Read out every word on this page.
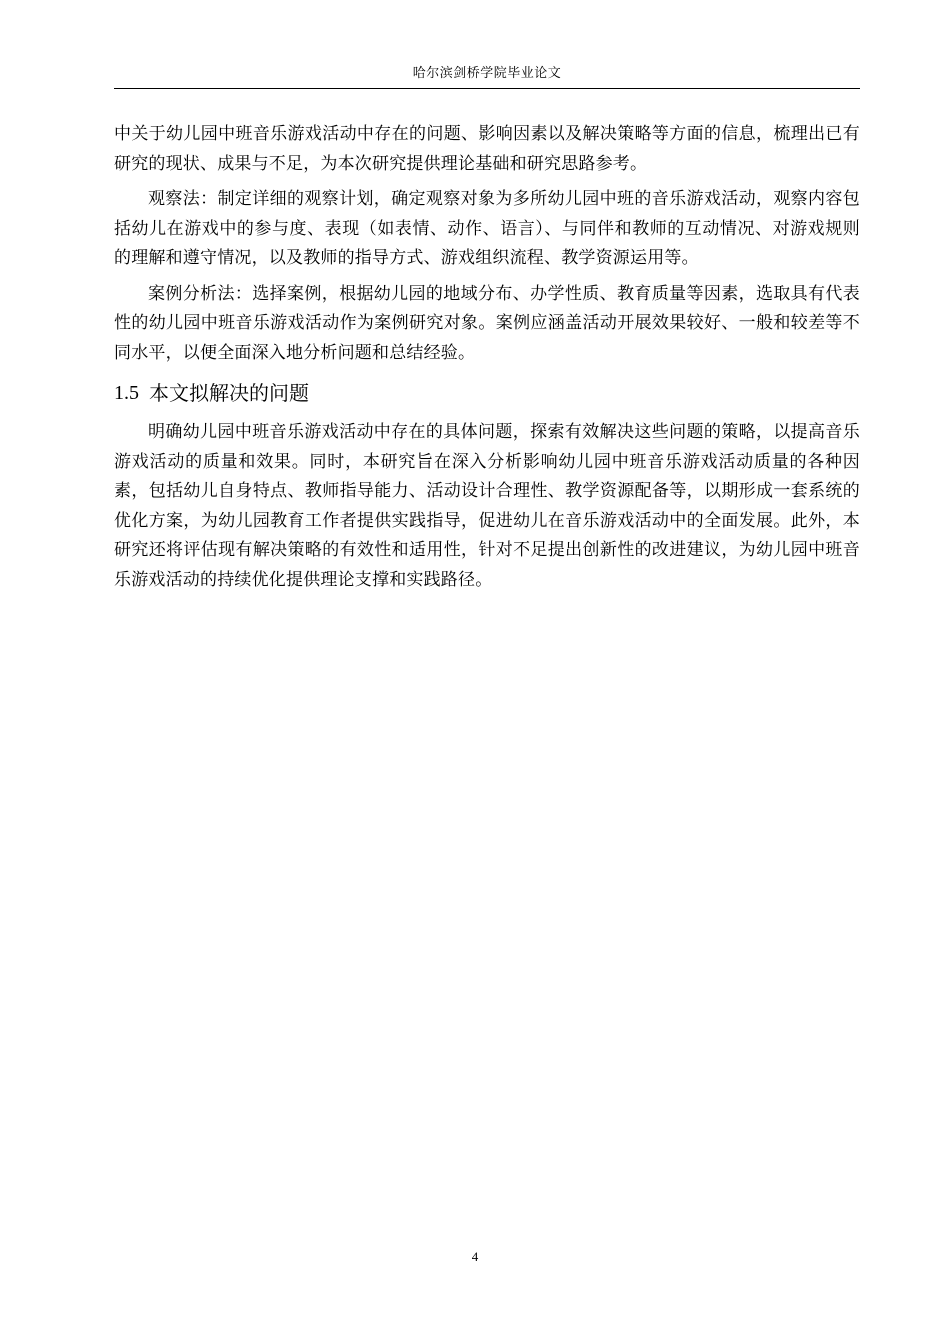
哈尔滨剑桥学院毕业论文

中关于幼儿园中班音乐游戏活动中存在的问题、影响因素以及解决策略等方面的信息，梳理出已有研究的现状、成果与不足，为本次研究提供理论基础和研究思路参考。

观察法：制定详细的观察计划，确定观察对象为多所幼儿园中班的音乐游戏活动，观察内容包括幼儿在游戏中的参与度、表现（如表情、动作、语言）、与同伴和教师的互动情况、对游戏规则的理解和遵守情况，以及教师的指导方式、游戏组织流程、教学资源运用等。

案例分析法：选择案例，根据幼儿园的地域分布、办学性质、教育质量等因素，选取具有代表性的幼儿园中班音乐游戏活动作为案例研究对象。案例应涵盖活动开展效果较好、一般和较差等不同水平，以便全面深入地分析问题和总结经验。

1.5 本文拟解决的问题

明确幼儿园中班音乐游戏活动中存在的具体问题，探索有效解决这些问题的策略，以提高音乐游戏活动的质量和效果。同时，本研究旨在深入分析影响幼儿园中班音乐游戏活动质量的各种因素，包括幼儿自身特点、教师指导能力、活动设计合理性、教学资源配备等，以期形成一套系统的优化方案，为幼儿园教育工作者提供实践指导，促进幼儿在音乐游戏活动中的全面发展。此外，本研究还将评估现有解决策略的有效性和适用性，针对不足提出创新性的改进建议，为幼儿园中班音乐游戏活动的持续优化提供理论支撑和实践路径。

4
